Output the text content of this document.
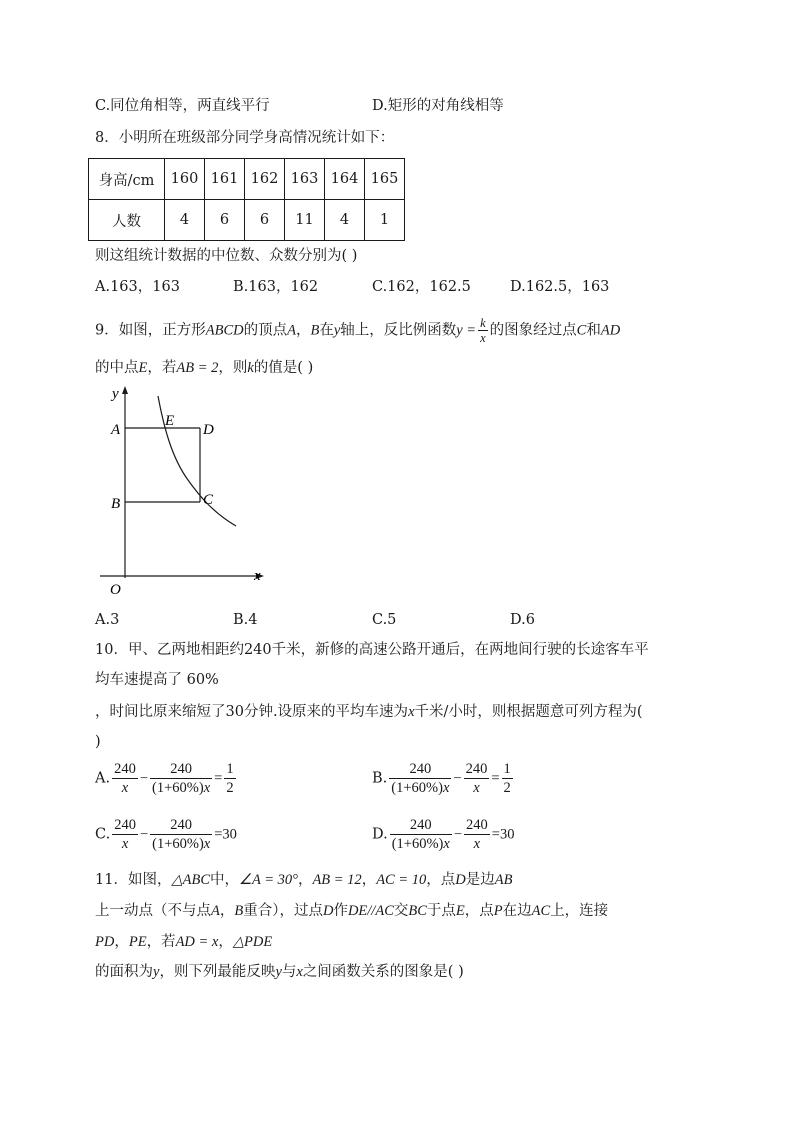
C.同位角相等，两直线平行	D.矩形的对角线相等
8．小明所在班级部分同学身高情况统计如下：
身高/cm	160	161	162	163	164	165
人数	4	6	6	11	4	1
则这组统计数据的中位数、众数分别为( )
A.163，163	B.163，162	C.162，162.5	D.162.5，163
9．如图，正方形ABCD的顶点A，B在y轴上，反比例函数$y = \frac{k}{x}$ 的图象经过点C和AD
的中点E，若AB = 2，则k的值是( )
y
A
E
D
B	C
O
x
A.3	B.4	C.5	D.6
10．甲、乙两地相距约240千米，新修的高速公路开通后，在两地间行驶的长途客车平
均车速提高了 60%
，时间比原来缩短了30分钟.设原来的平均车速为x千米/小时，则根据题意可列方程为(
)
A. $\frac{240}{x} - \frac{240}{(1+60\%)x} = \frac{1}{2}$	B. $\frac{240}{(1+60\%)x} - \frac{240}{x} = \frac{1}{2}$
C. $\frac{240}{x} - \frac{240}{(1+60\%)x} =30$	D. $\frac{240}{(1+60\%)x} - \frac{240}{x} =30$
11．如图，△ABC中，∠A = 30°，AB = 12，AC = 10，点D是边AB
上一动点（不与点A，B重合），过点D作DE//AC交BC于点E，点P在边AC上，连接
PD，PE，若AD = x，△PDE
的面积为y，则下列最能反映y与x之间函数关系的图象是( )
